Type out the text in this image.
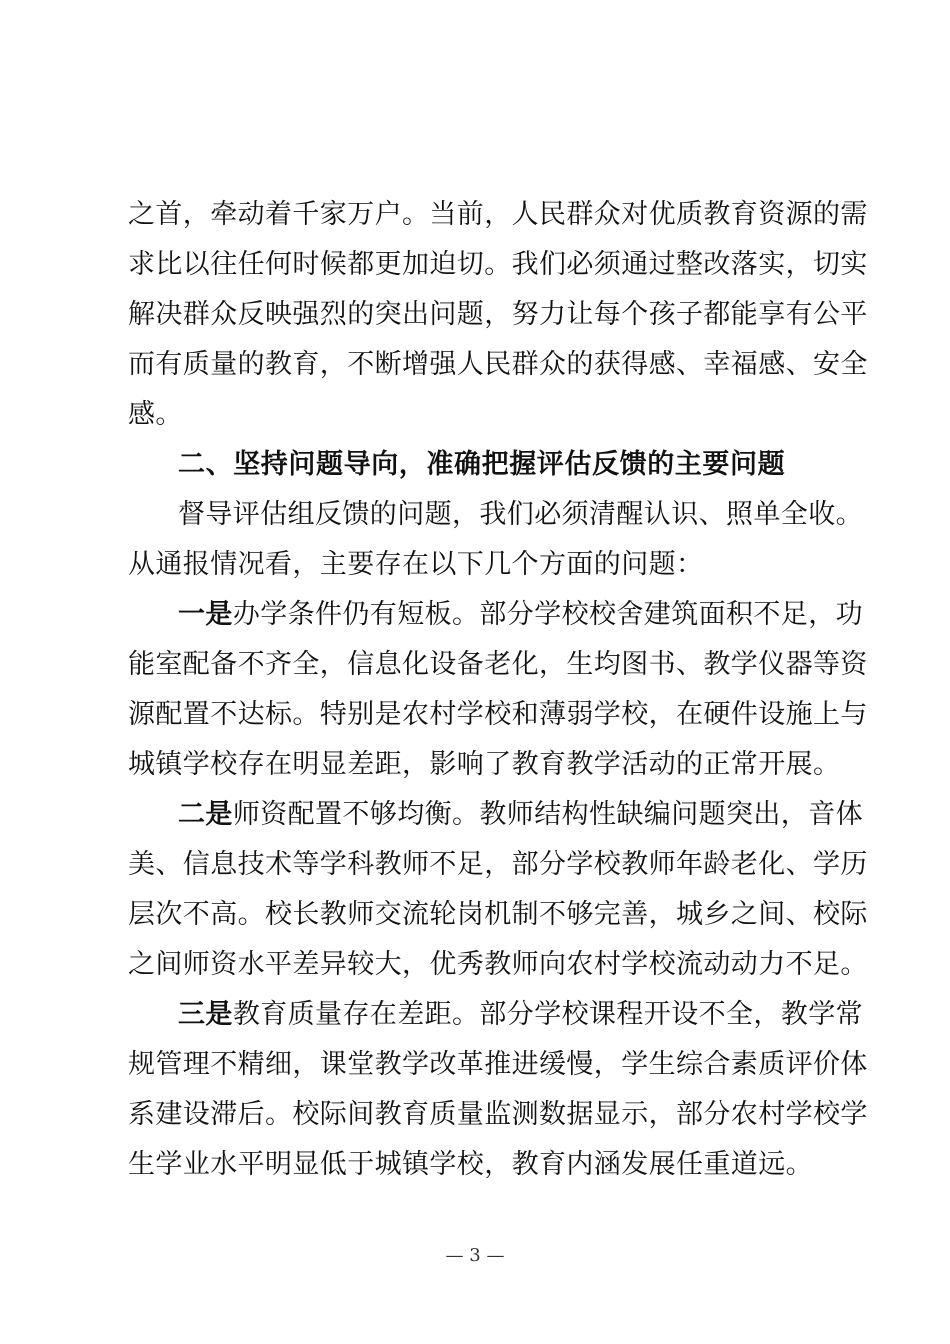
之首，牵动着千家万户。当前，人民群众对优质教育资源的需
求比以往任何时候都更加迫切。我们必须通过整改落实，切实
解决群众反映强烈的突出问题，努力让每个孩子都能享有公平
而有质量的教育，不断增强人民群众的获得感、幸福感、安全
感。
二、坚持问题导向，准确把握评估反馈的主要问题
督导评估组反馈的问题，我们必须清醒认识、照单全收。
从通报情况看，主要存在以下几个方面的问题：
一是办学条件仍有短板。部分学校校舍建筑面积不足，功
能室配备不齐全，信息化设备老化，生均图书、教学仪器等资
源配置不达标。特别是农村学校和薄弱学校，在硬件设施上与
城镇学校存在明显差距，影响了教育教学活动的正常开展。
二是师资配置不够均衡。教师结构性缺编问题突出，音体
美、信息技术等学科教师不足，部分学校教师年龄老化、学历
层次不高。校长教师交流轮岗机制不够完善，城乡之间、校际
之间师资水平差异较大，优秀教师向农村学校流动动力不足。
三是教育质量存在差距。部分学校课程开设不全，教学常
规管理不精细，课堂教学改革推进缓慢，学生综合素质评价体
系建设滞后。校际间教育质量监测数据显示，部分农村学校学
生学业水平明显低于城镇学校，教育内涵发展任重道远。
— 3 —
